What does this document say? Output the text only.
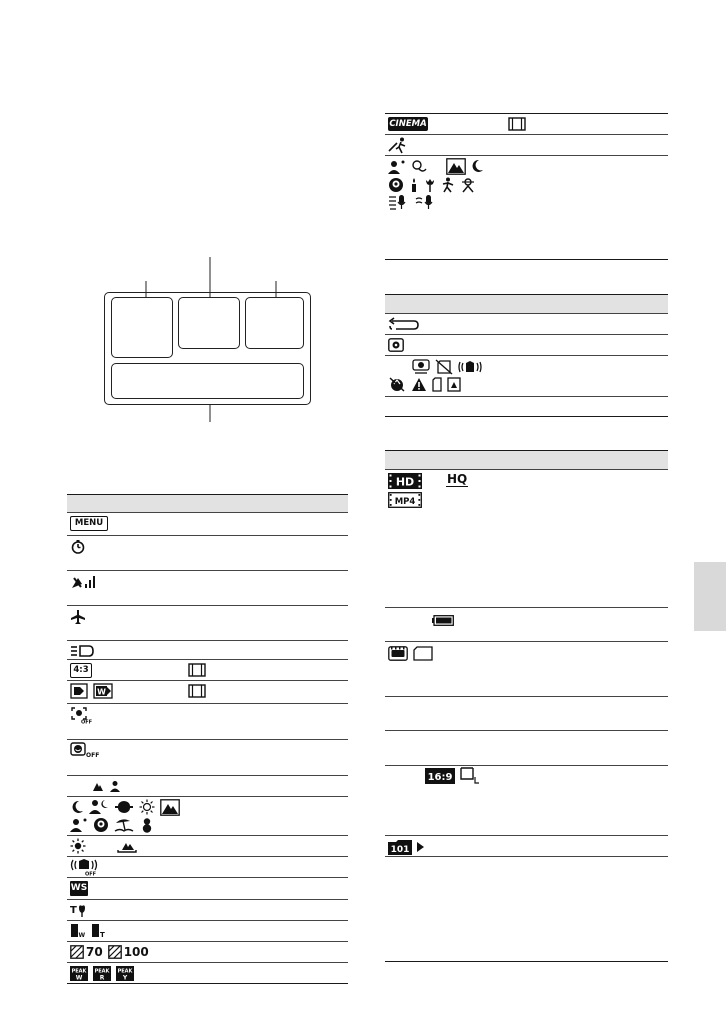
MENU
4:3
W
OFF
OFF
OFF
WS
T
W T
70 100
PEAK
W
PEAK
R
PEAK
Y
CINEMA
HD	HQ
MP4
16:9
101
